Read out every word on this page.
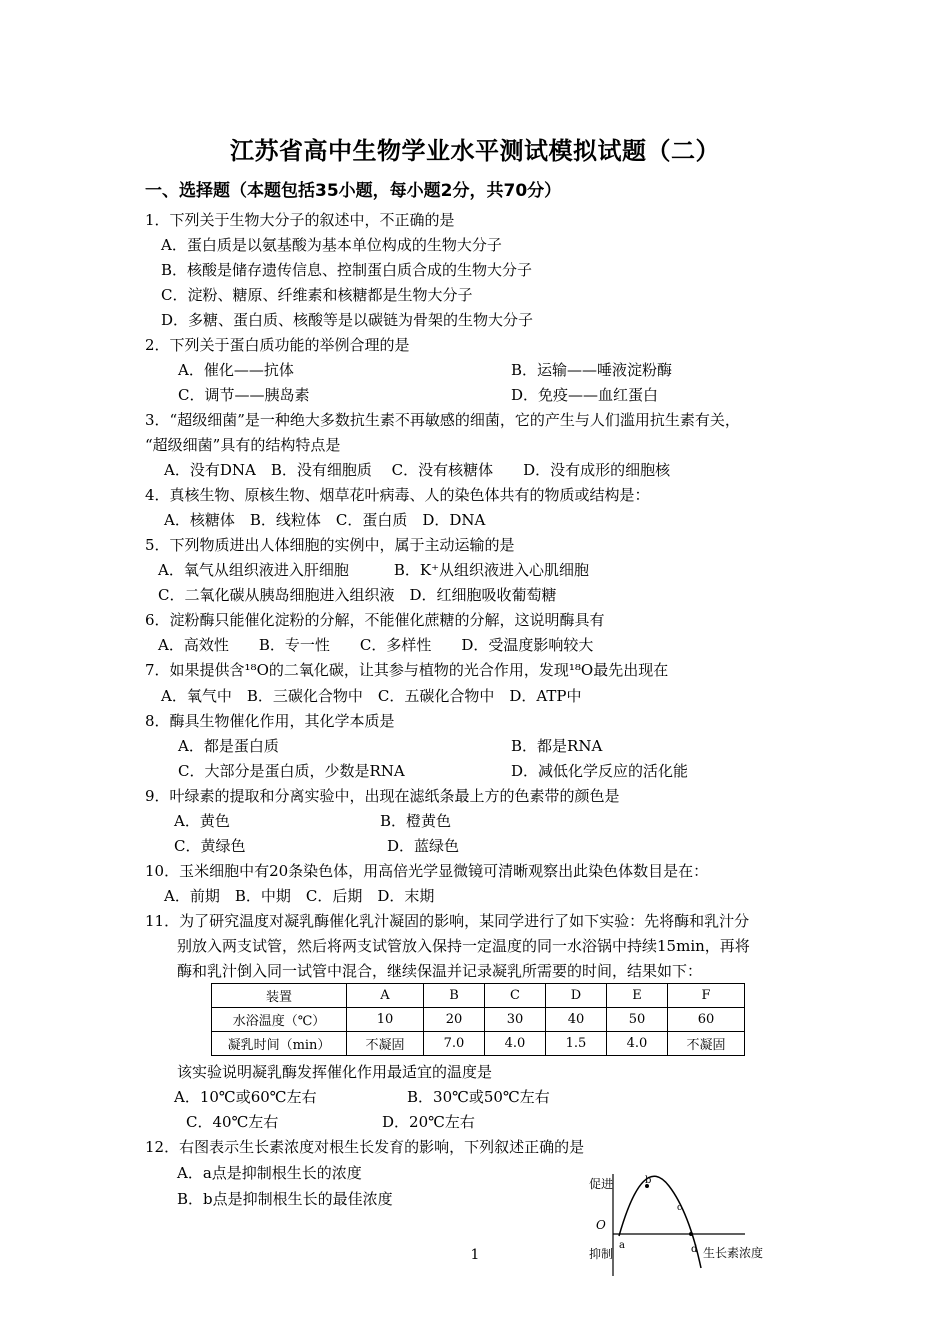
江苏省高中生物学业水平测试模拟试题（二）
一、选择题（本题包括35小题，每小题2分，共70分）
1．下列关于生物大分子的叙述中，不正确的是
A．蛋白质是以氨基酸为基本单位构成的生物大分子
B．核酸是储存遗传信息、控制蛋白质合成的生物大分子
C．淀粉、糖原、纤维素和核糖都是生物大分子
D．多糖、蛋白质、核酸等是以碳链为骨架的生物大分子
2．下列关于蛋白质功能的举例合理的是
A．催化——抗体	B．运输——唾液淀粉酶
C．调节——胰岛素	D．免疫——血红蛋白
3．“超级细菌”是一种绝大多数抗生素不再敏感的细菌，它的产生与人们滥用抗生素有关，
“超级细菌”具有的结构特点是
A．没有DNA　B．没有细胞质　 C．没有核糖体　　D．没有成形的细胞核
4．真核生物、原核生物、烟草花叶病毒、人的染色体共有的物质或结构是：
A．核糖体　B．线粒体　C．蛋白质　D．DNA
5．下列物质进出人体细胞的实例中，属于主动运输的是
A．氧气从组织液进入肝细胞　　　B．K⁺从组织液进入心肌细胞
C．二氧化碳从胰岛细胞进入组织液　D．红细胞吸收葡萄糖
6．淀粉酶只能催化淀粉的分解，不能催化蔗糖的分解，这说明酶具有
A．高效性　　B．专一性　　C．多样性　　D．受温度影响较大
7．如果提供含¹⁸O的二氧化碳，让其参与植物的光合作用，发现¹⁸O最先出现在
A．氧气中　B．三碳化合物中　C．五碳化合物中　D．ATP中
8．酶具生物催化作用，其化学本质是
A．都是蛋白质	B．都是RNA
C．大部分是蛋白质，少数是RNA	D．减低化学反应的活化能
9．叶绿素的提取和分离实验中，出现在滤纸条最上方的色素带的颜色是
A．黄色	B．橙黄色
C．黄绿色	D．蓝绿色
10．玉米细胞中有20条染色体，用高倍光学显微镜可清晰观察出此染色体数目是在：
A．前期　B．中期　C．后期　D．末期
11．为了研究温度对凝乳酶催化乳汁凝固的影响，某同学进行了如下实验：先将酶和乳汁分
别放入两支试管，然后将两支试管放入保持一定温度的同一水浴锅中持续15min，再将
酶和乳汁倒入同一试管中混合，继续保温并记录凝乳所需要的时间，结果如下：
装置	A	B	C	D	E	F
水浴温度（℃）	10	20	30	40	50	60
凝乳时间（min）	不凝固	7.0	4.0	1.5	4.0	不凝固
该实验说明凝乳酶发挥催化作用最适宜的温度是
A．10℃或60℃左右	B．30℃或50℃左右
C．40℃左右	D．20℃左右
12．右图表示生长素浓度对根生长发育的影响，下列叙述正确的是
A．a点是抑制根生长的浓度
B．b点是抑制根生长的最佳浓度
促进
O
抑制
a
b
c
d 生长素浓度
1
